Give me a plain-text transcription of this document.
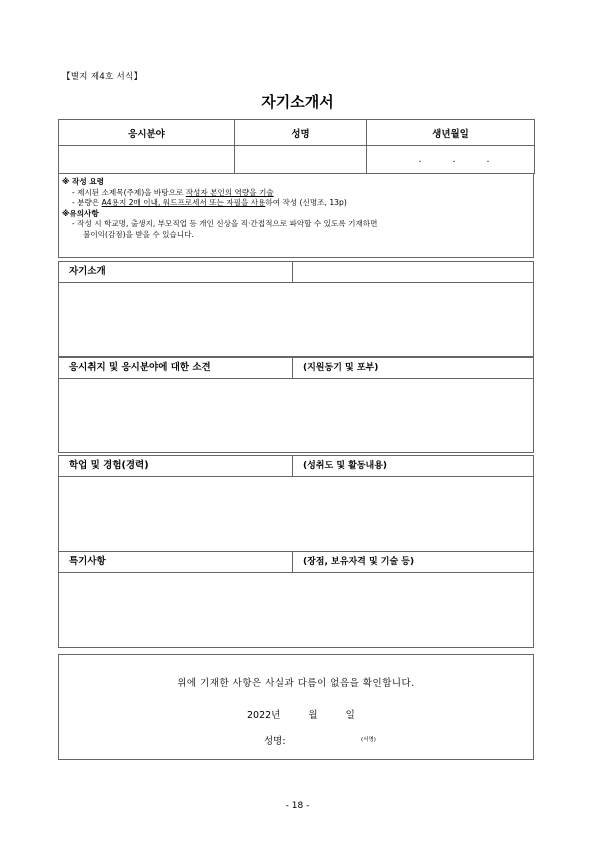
【별지 제4호 서식】
자기소개서
응시분야	성명	생년월일
		. . .
※ 작성 요령
- 제시된 소제목(주제)을 바탕으로 작성자 본인의 역량을 기술
- 분량은 A4용지 2매 이내, 워드프로세서 또는 자필을 사용하여 작성 (신명조, 13p)
※유의사항
- 작성 시 학교명, 출생지, 부모직업 등 개인 신상을 직·간접적으로 파악할 수 있도록 기재하면
불이익(감점)을 받을 수 있습니다.
자기소개
응시취지 및 응시분야에 대한 소견	(지원동기 및 포부)
학업 및 경험(경력)	(성취도 및 활동내용)
특기사항	(장점, 보유자격 및 기술 등)
위에 기재한 사항은 사실과 다름이 없음을 확인합니다.
2022년	월	일
성명:	(서명)
- 18 -
